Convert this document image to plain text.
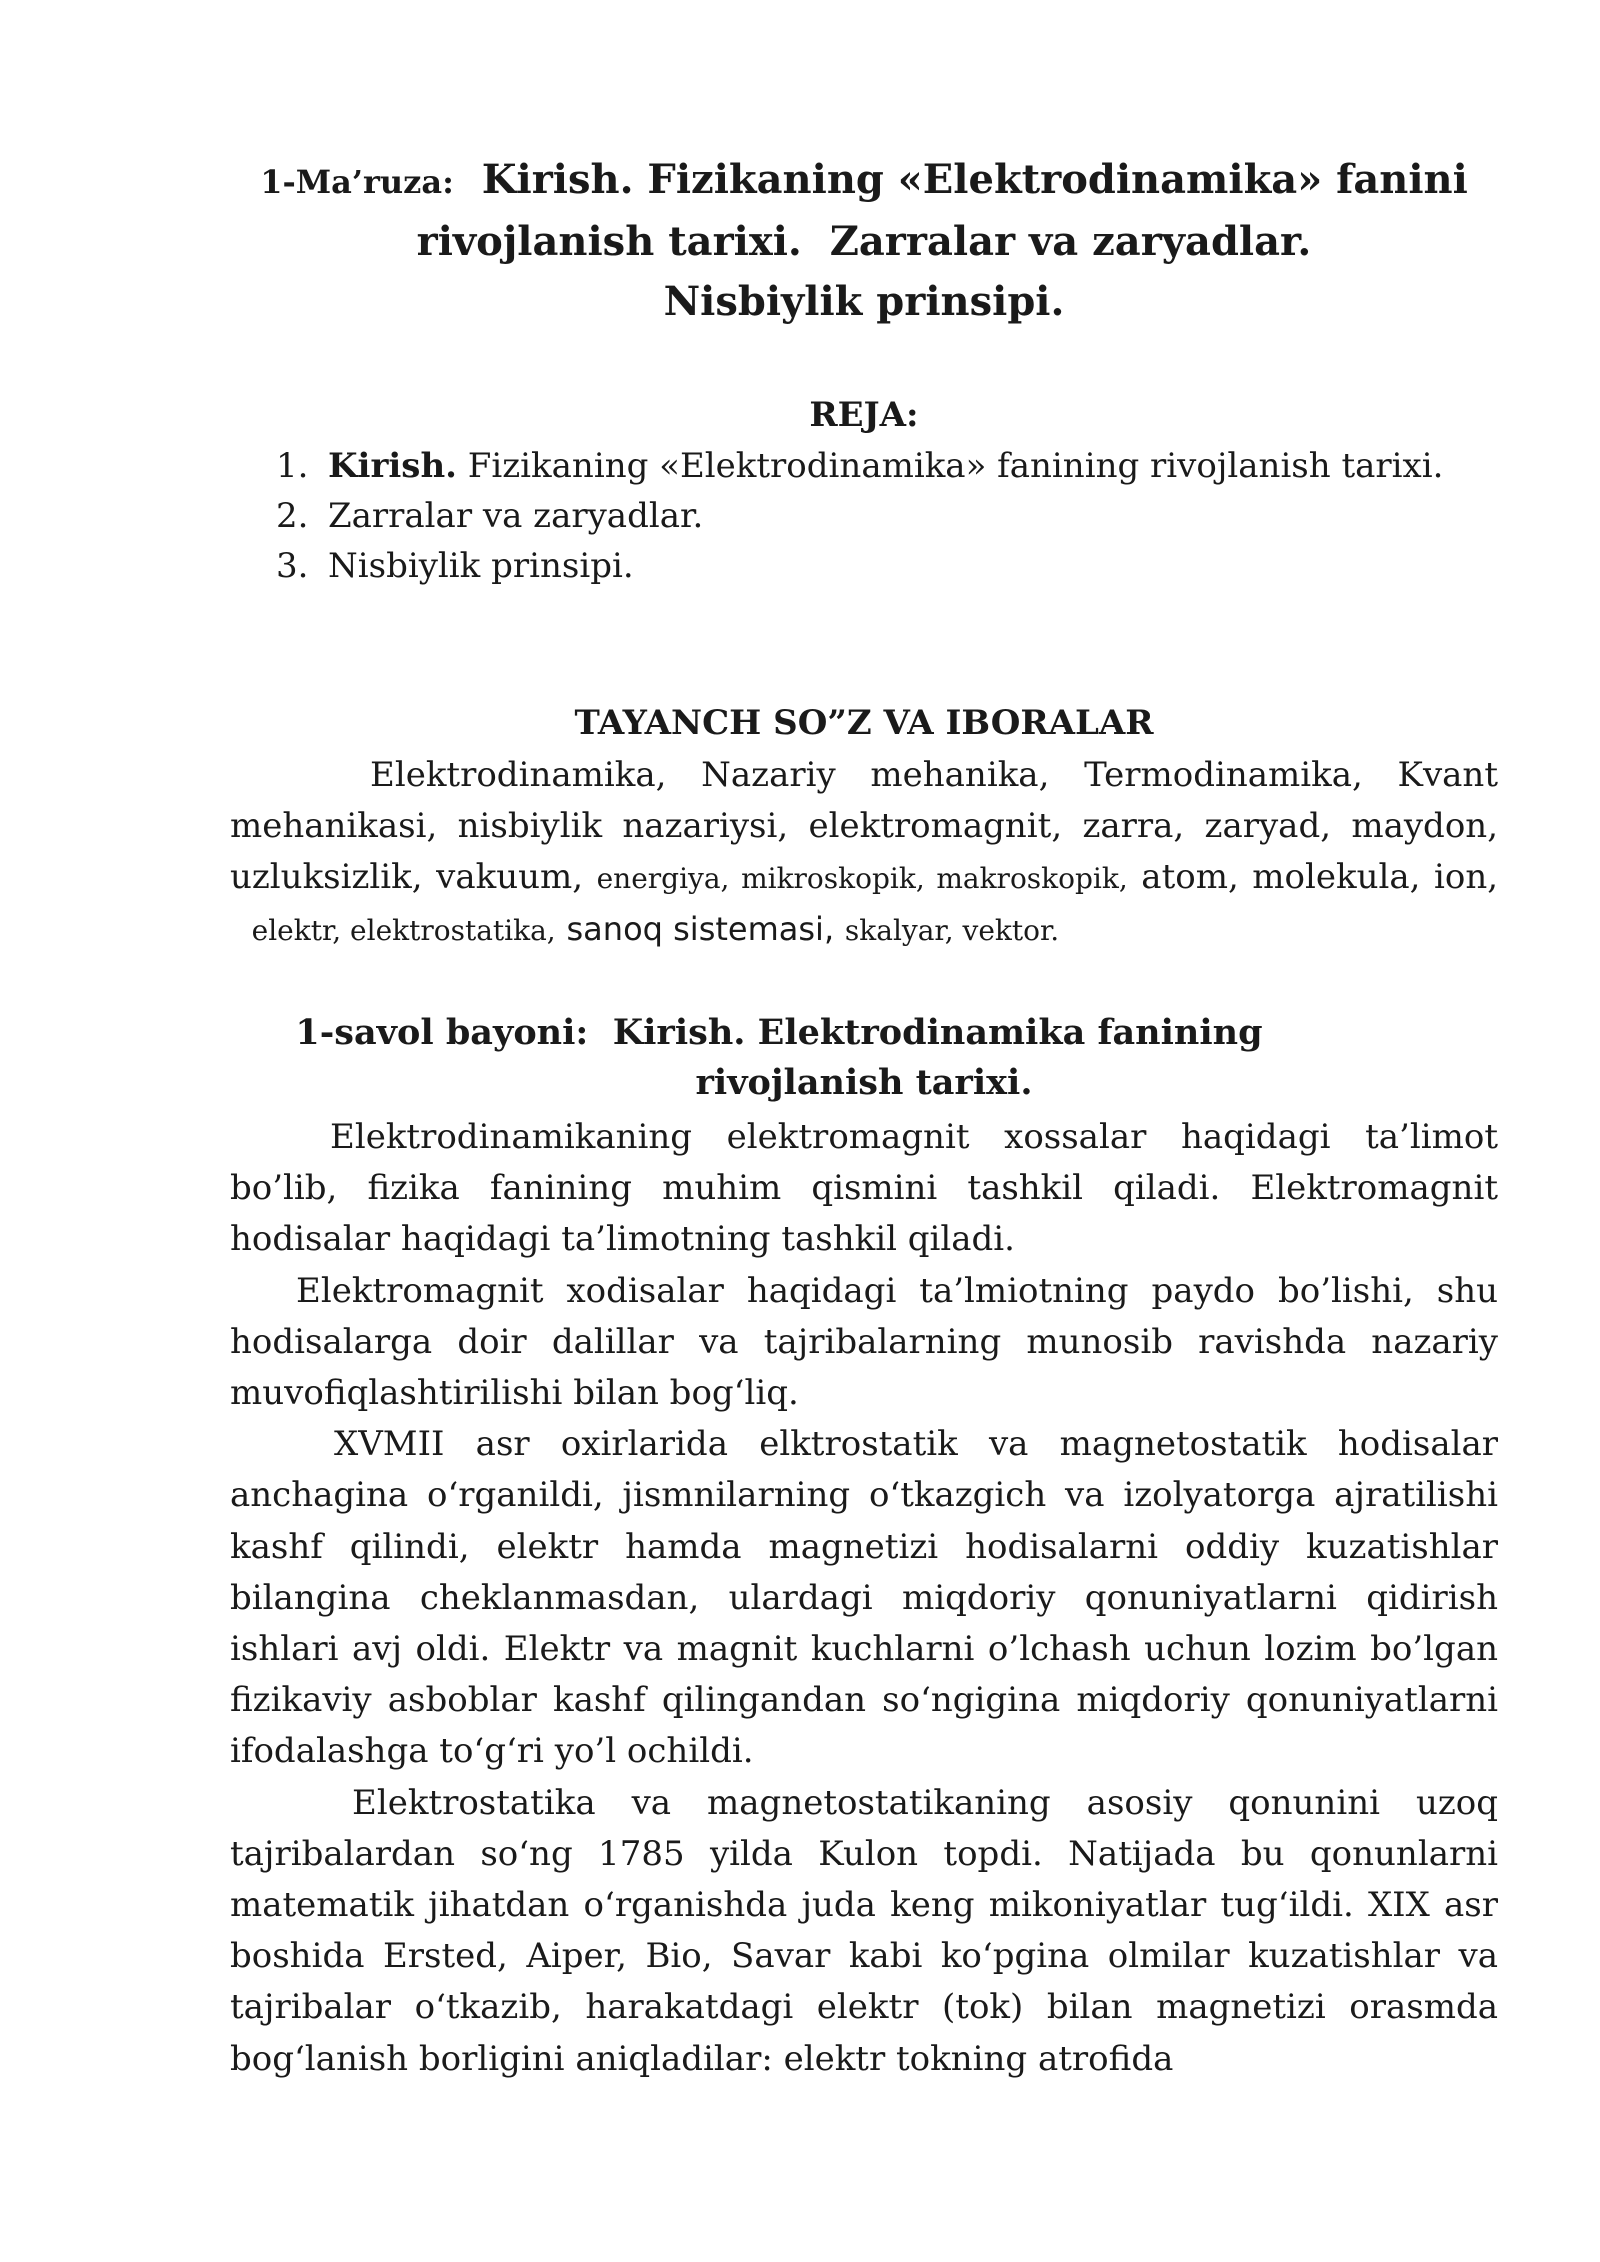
1-Ma’ruza: Kirish. Fizikaning «Elektrodinamika» fanini
rivojlanish tarixi.  Zarralar va zaryadlar.
Nisbiylik prinsipi.
REJA:
1. Kirish. Fizikaning «Elektrodinamika» fanining rivojlanish tarixi.
2. Zarralar va zaryadlar.
3. Nisbiylik prinsipi.
TAYANCH SO”Z VA IBORALAR
Elektrodinamika, Nazariy mehanika, Termodinamika, Kvant mehanikasi, nisbiylik nazariysi, elektromagnit, zarra, zaryad, maydon, uzluksizlik, vakuum, energiya, mikroskopik, makroskopik, atom, molekula, ion,   elektr, elektrostatika, sanoq sistemasi, skalyar, vektor.
1-savol bayoni:  Kirish. Elektrodinamika fanining
rivojlanish tarixi.

Elektrodinamikaning elektromagnit xossalar haqidagi ta’limot bo’lib, fizika fanining muhim qismini tashkil qiladi. Elektromagnit hodisalar haqidagi ta’limotning tashkil qiladi.

Elektromagnit xodisalar haqidagi ta’lmiotning paydo bo’lishi, shu hodisalarga doir dalillar va tajribalarning munosib ravishda nazariy muvofiqlashtirilishi bilan bog‘liq.

XVMII asr oxirlarida elktrostatik va magnetostatik hodisalar anchagina o‘rganildi, jismnilarning o‘tkazgich va izolyatorga ajratilishi kashf qilindi, elektr hamda magnetizi hodisalarni oddiy kuzatishlar bilangina cheklanmasdan, ulardagi miqdoriy qonuniyatlarni qidirish ishlari avj oldi. Elektr va magnit kuchlarni o’lchash uchun lozim bo’lgan fizikaviy asboblar kashf qilingandan so‘ngigina miqdoriy qonuniyatlarni ifodalashga to‘g‘ri yo’l ochildi.

Elektrostatika va magnetostatikaning asosiy qonunini uzoq tajribalardan so‘ng 1785 yilda Kulon topdi. Natijada bu qonunlarni matematik jihatdan o‘rganishda juda keng mikoniyatlar tug‘ildi. XIX asr boshida Ersted, Aiper, Bio, Savar kabi ko‘pgina olmilar kuzatishlar va tajribalar o‘tkazib, harakatdagi elektr (tok) bilan magnetizi orasmda bog‘lanish borligini aniqladilar: elektr tokning atrofida
